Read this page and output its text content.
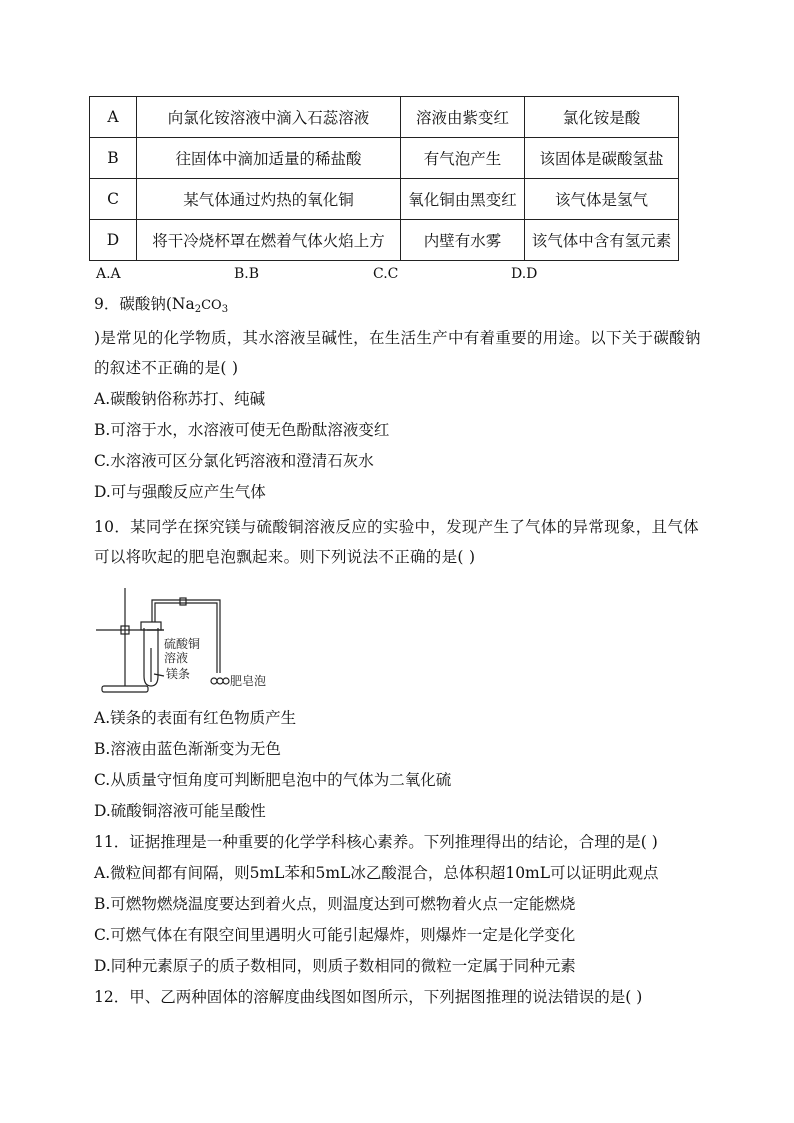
A	向氯化铵溶液中滴入石蕊溶液	溶液由紫变红	氯化铵是酸
B	往固体中滴加适量的稀盐酸	有气泡产生	该固体是碳酸氢盐
C	某气体通过灼热的氧化铜	氧化铜由黑变红	该气体是氢气
D	将干冷烧杯罩在燃着气体火焰上方	内壁有水雾	该气体中含有氢元素
A.A	B.B	C.C	D.D
9．碳酸钠($Na_2CO_3$
)是常见的化学物质，其水溶液呈碱性，在生活生产中有着重要的用途。以下关于碳酸钠的叙述不正确的是( )
A.碳酸钠俗称苏打、纯碱
B.可溶于水，水溶液可使无色酚酞溶液变红
C.水溶液可区分氯化钙溶液和澄清石灰水
D.可与强酸反应产生气体
10．某同学在探究镁与硫酸铜溶液反应的实验中，发现产生了气体的异常现象，且气体可以将吹起的肥皂泡飘起来。则下列说法不正确的是( )
硫酸铜
溶液
镁条	肥皂泡
A.镁条的表面有红色物质产生
B.溶液由蓝色渐渐变为无色
C.从质量守恒角度可判断肥皂泡中的气体为二氧化硫
D.硫酸铜溶液可能呈酸性
11．证据推理是一种重要的化学学科核心素养。下列推理得出的结论，合理的是( )
A.微粒间都有间隔，则5mL苯和5mL冰乙酸混合，总体积超10mL可以证明此观点
B.可燃物燃烧温度要达到着火点，则温度达到可燃物着火点一定能燃烧
C.可燃气体在有限空间里遇明火可能引起爆炸，则爆炸一定是化学变化
D.同种元素原子的质子数相同，则质子数相同的微粒一定属于同种元素
12．甲、乙两种固体的溶解度曲线图如图所示，下列据图推理的说法错误的是( )
